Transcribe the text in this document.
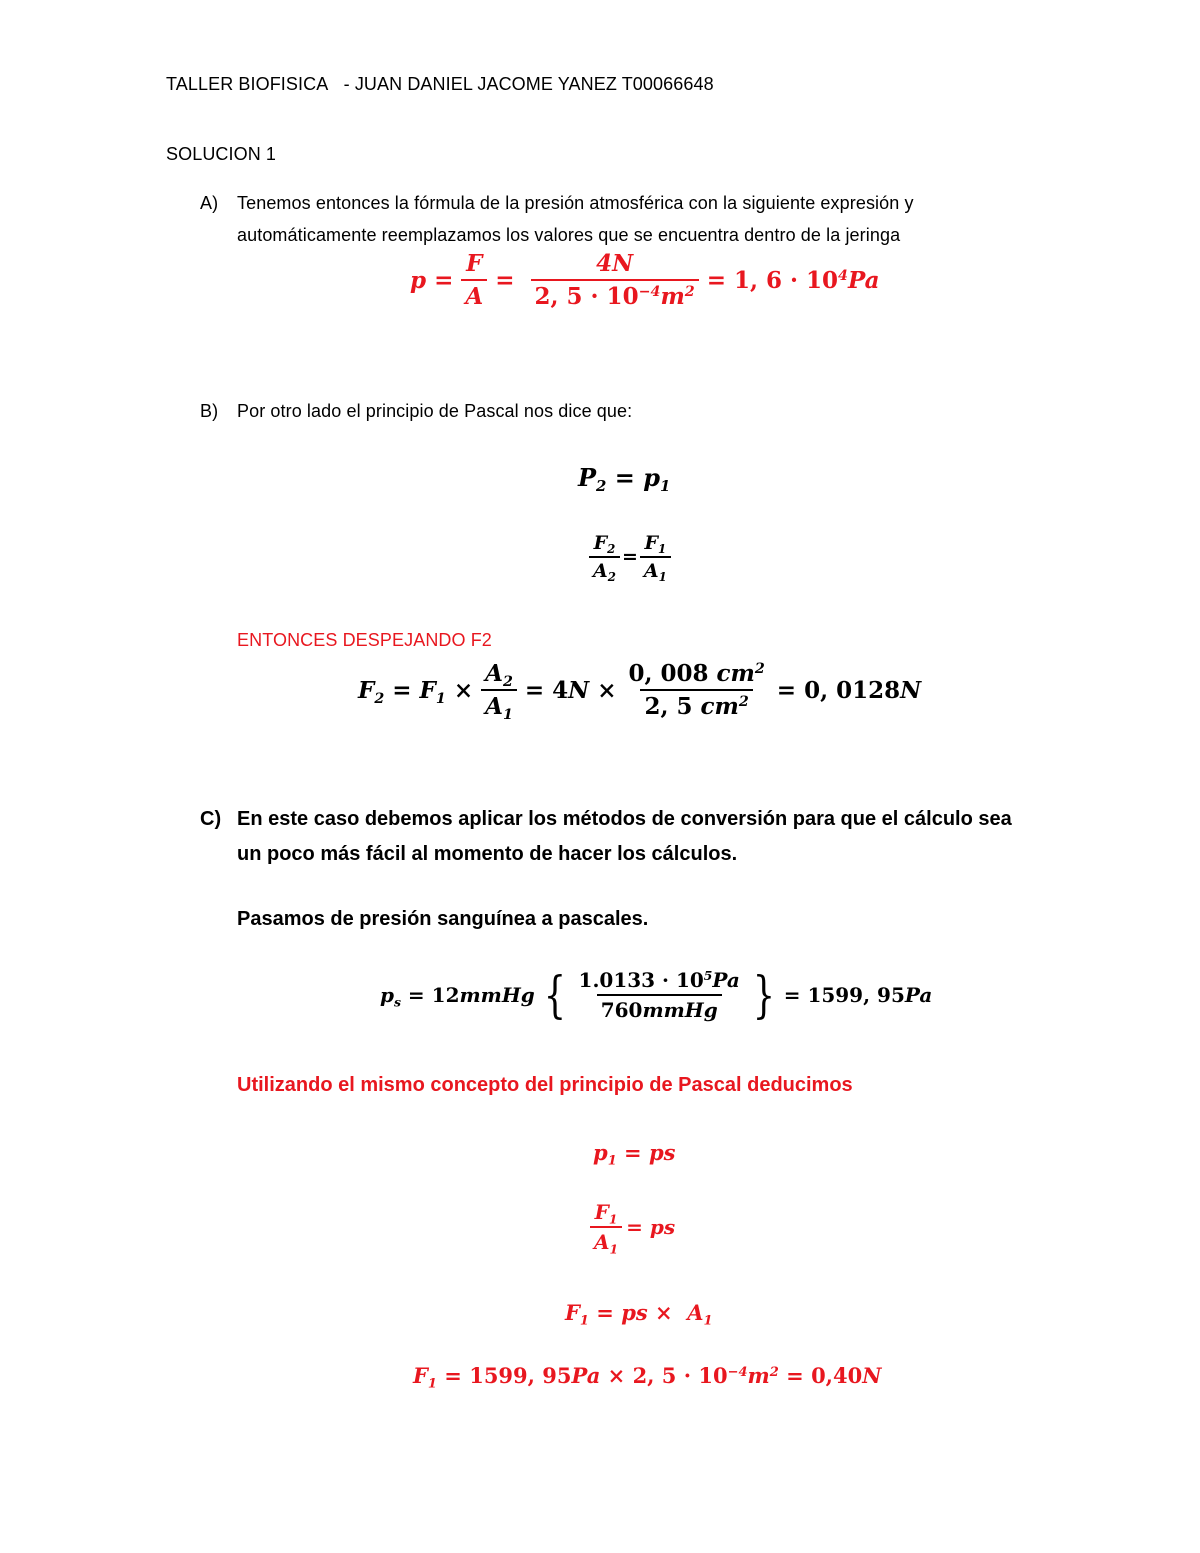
TALLER BIOFISICA - JUAN DANIEL JACOME YANEZ T00066648
SOLUCION 1
A) Tenemos entonces la fórmula de la presión atmosférica con la siguiente expresión y
automáticamente reemplazamos los valores que se encuentra dentro de la jeringa
$p = \frac{F}{A} = \frac{4N}{2, 5 \cdot 10^{-4}m^2} = 1$, $6 \cdot 10^4Pa$
B) Por otro lado el principio de Pascal nos dice que:
$P_2 = p_1$
$\frac{F_2}{A_2} = \frac{F_1}{A_1}$
ENTONCES DESPEJANDO F2
$F_2 = F_1 \times \frac{A_2}{A_1} = 4N \times \frac{0, 008 cm^2}{2, 5 cm^2} = 0$, 0128N
C) En este caso debemos aplicar los métodos de conversión para que el cálculo sea
un poco más fácil al momento de hacer los cálculos.
Pasamos de presión sanguínea a pascales.
$p_s$ = 12mmHg { $\frac{1.0133 \cdot 10^5Pa}{\text{760mmHg}}$ } = 1599, 95Pa
Utilizando el mismo concepto del principio de Pascal deducimos
$p_1$ = ps
$\frac{F_1}{A_1}$ = ps
$F_1$ = ps ×  $A_1$
$F_1 = 1599$, 95Pa × 2, $5 \cdot 10^{-4}m^2 = 0,40N$
